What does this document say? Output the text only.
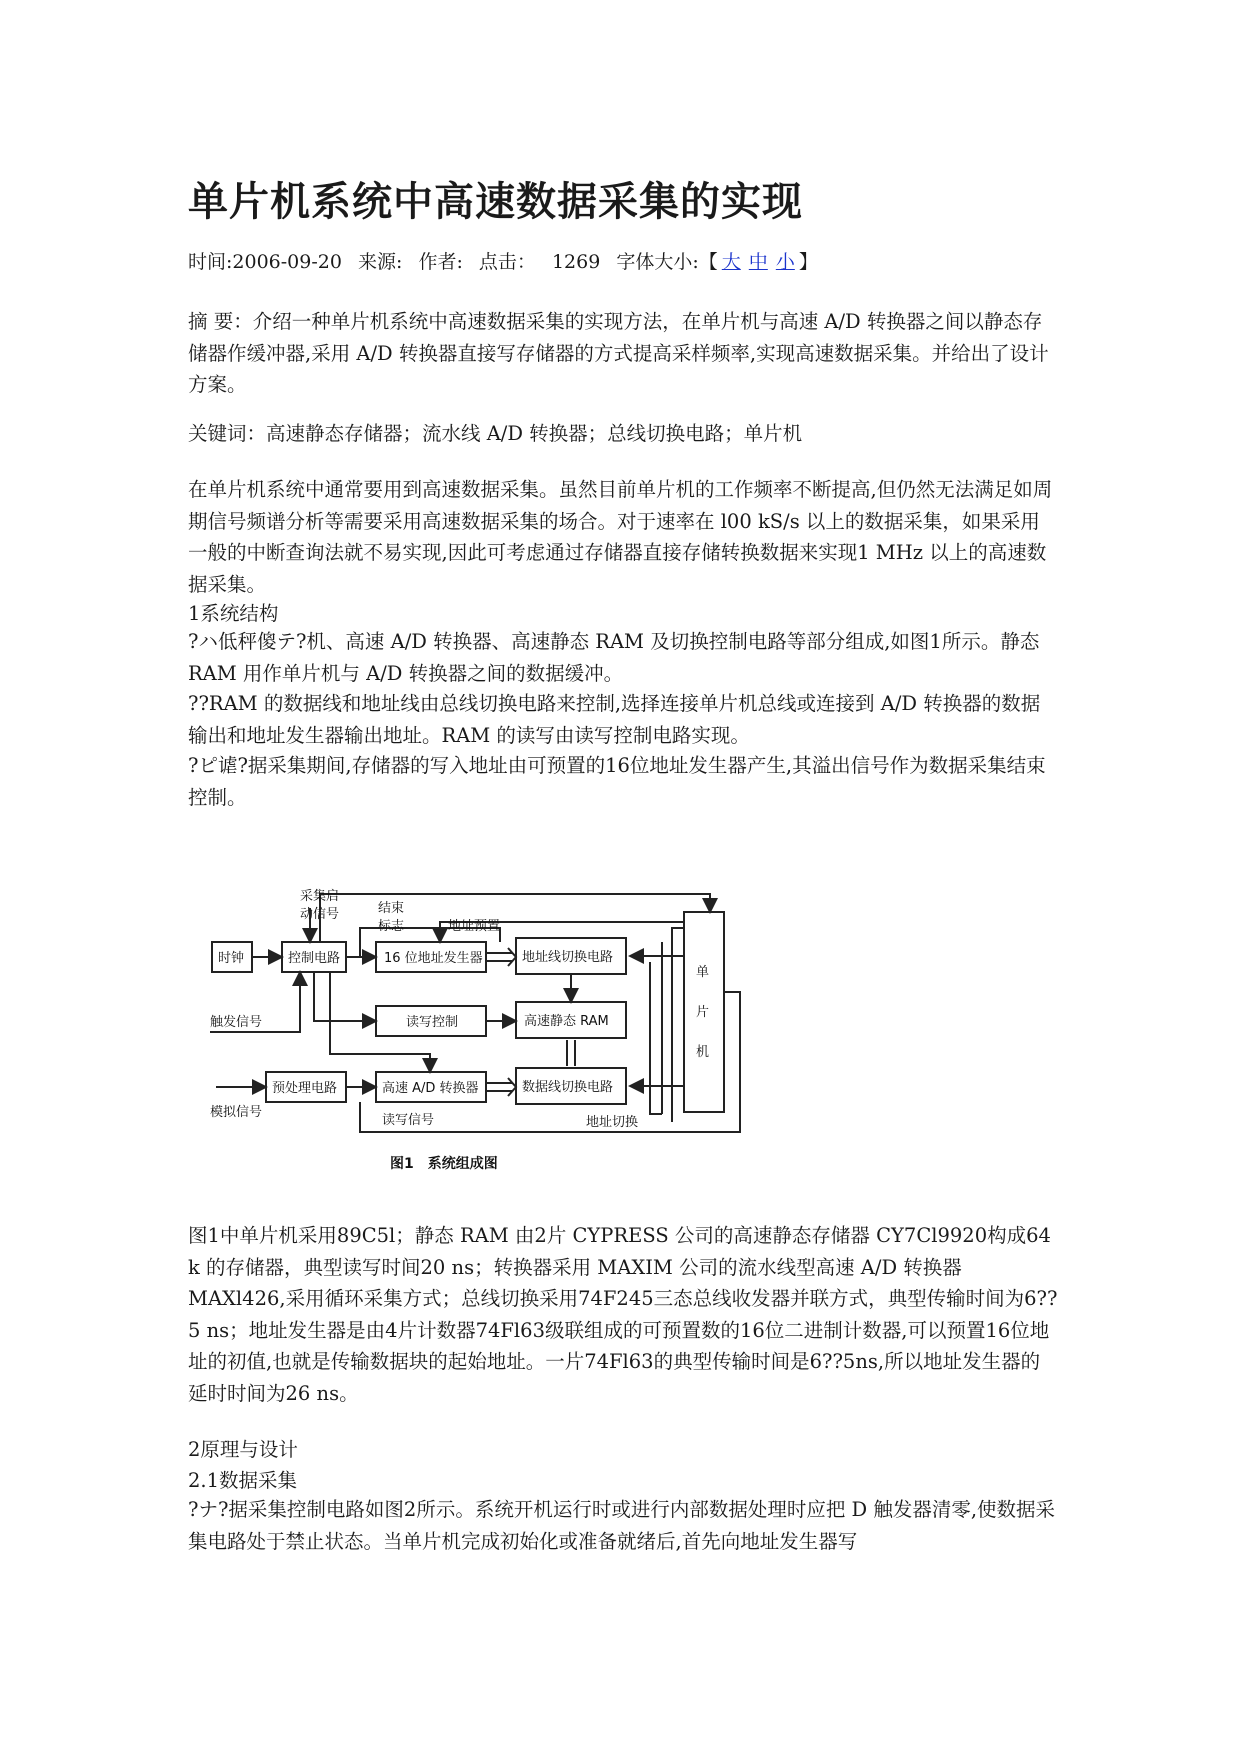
单片机系统中高速数据采集的实现
时间:2006-09-20 来源: 作者: 点击： 1269 字体大小:【 大 中 小 】

摘 要：介绍一种单片机系统中高速数据采集的实现方法，在单片机与高速 A/D 转换器之间以静态存储器作缓冲器,采用 A/D 转换器直接写存储器的方式提高采样频率,实现高速数据采集。并给出了设计方案。

关键词：高速静态存储器；流水线 A/D 转换器；总线切换电路；单片机

在单片机系统中通常要用到高速数据采集。虽然目前单片机的工作频率不断提高,但仍然无法满足如周期信号频谱分析等需要采用高速数据采集的场合。对于速率在 l00 kS/s 以上的数据采集，如果采用一般的中断查询法就不易实现,因此可考虑通过存储器直接存储转换数据来实现1 MHz 以上的高速数据采集。

1系统结构

?ハ低秤傻テ?机、高速 A/D 转换器、高速静态 RAM 及切换控制电路等部分组成,如图1所示。静态 RAM 用作单片机与 A/D 转换器之间的数据缓冲。

??RAM 的数据线和地址线由总线切换电路来控制,选择连接单片机总线或连接到 A/D 转换器的数据输出和地址发生器输出地址。RAM 的读写由读写控制电路实现。

?ピ谑?据采集期间,存储器的写入地址由可预置的16位地址发生器产生,其溢出信号作为数据采集结束控制。

采集启
动信号	结束
标志	地址预置
时钟	控制电路	16 位地址发生器	地址线切换电路
触发信号	读写控制	高速静态 RAM
预处理电路	高速 A/D 转换器	数据线切换电路
模拟信号
读写信号	地址切换
单
片
机
图1　系统组成图

图1中单片机采用89C5l；静态 RAM 由2片 CYPRESS 公司的高速静态存储器 CY7Cl9920构成64 k 的存储器，典型读写时间20 ns；转换器采用 MAXIM 公司的流水线型高速 A/D 转换器 MAXl426,采用循环采集方式；总线切换采用74F245三态总线收发器并联方式，典型传输时间为6??5 ns；地址发生器是由4片计数器74Fl63级联组成的可预置数的16位二进制计数器,可以预置16位地址的初值,也就是传输数据块的起始地址。一片74Fl63的典型传输时间是6??5ns,所以地址发生器的延时时间为26 ns。

2原理与设计

2.1数据采集

?ナ?据采集控制电路如图2所示。系统开机运行时或进行内部数据处理时应把 D 触发器清零,使数据采集电路处于禁止状态。当单片机完成初始化或准备就绪后,首先向地址发生器写
